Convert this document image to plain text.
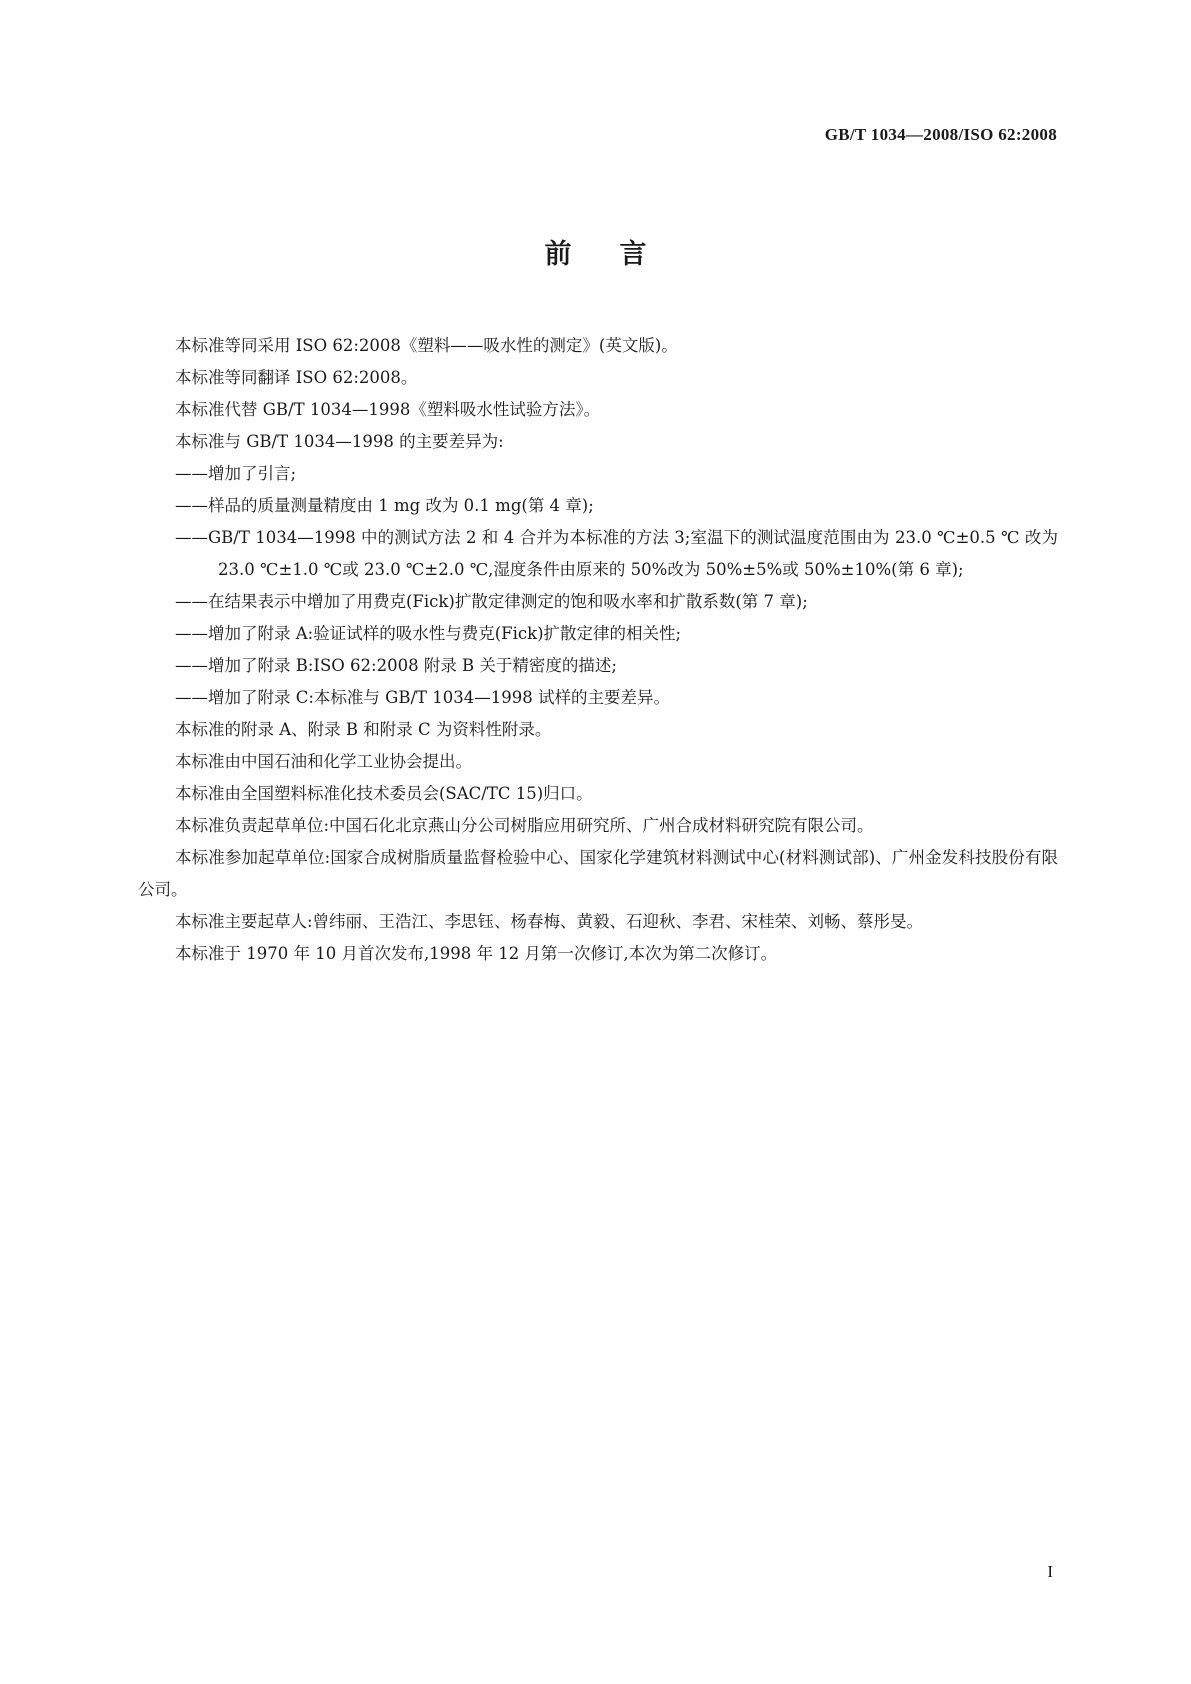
GB/T 1034—2008/ISO 62:2008
前言

本标准等同采用 ISO 62:2008《塑料——吸水性的测定》(英文版)。

本标准等同翻译 ISO 62:2008。

本标准代替 GB/T 1034—1998《塑料吸水性试验方法》。

本标准与 GB/T 1034—1998 的主要差异为:

——增加了引言;

——样品的质量测量精度由 1 mg 改为 0.1 mg(第 4 章);

——GB/T 1034—1998 中的测试方法 2 和 4 合并为本标准的方法 3;室温下的测试温度范围由为 23.0 ℃±0.5 ℃ 改为 23.0 ℃±1.0 ℃或 23.0 ℃±2.0 ℃,湿度条件由原来的 50%改为 50%±5%或 50%±10%(第 6 章);

——在结果表示中增加了用费克(Fick)扩散定律测定的饱和吸水率和扩散系数(第 7 章);

——增加了附录 A:验证试样的吸水性与费克(Fick)扩散定律的相关性;

——增加了附录 B:ISO 62:2008 附录 B 关于精密度的描述;

——增加了附录 C:本标准与 GB/T 1034—1998 试样的主要差异。

本标准的附录 A、附录 B 和附录 C 为资料性附录。

本标准由中国石油和化学工业协会提出。

本标准由全国塑料标准化技术委员会(SAC/TC 15)归口。

本标准负责起草单位:中国石化北京燕山分公司树脂应用研究所、广州合成材料研究院有限公司。

本标准参加起草单位:国家合成树脂质量监督检验中心、国家化学建筑材料测试中心(材料测试部)、广州金发科技股份有限公司。

本标准主要起草人:曾纬丽、王浩江、李思钰、杨春梅、黄毅、石迎秋、李君、宋桂荣、刘畅、蔡彤旻。

本标准于 1970 年 10 月首次发布,1998 年 12 月第一次修订,本次为第二次修订。

I
